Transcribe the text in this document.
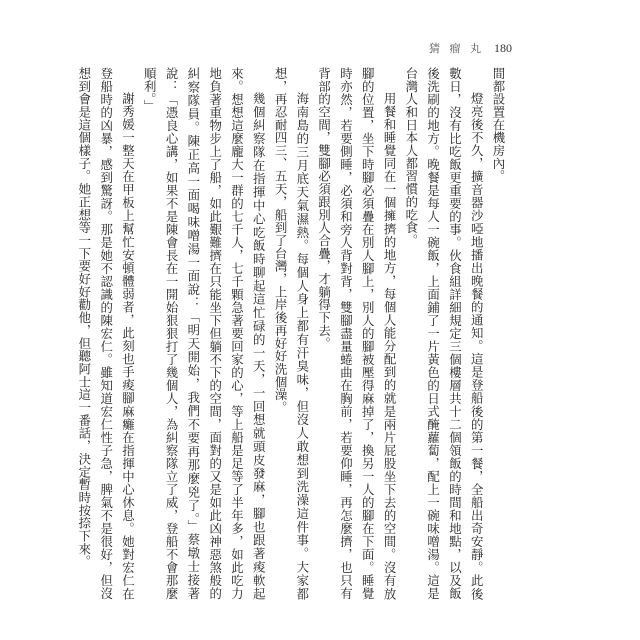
猜 瘤 丸 180

間都設置在機房內。

燈亮後不久，擴音器沙啞地播出晚餐的通知。這是登船後的第一餐，全船出奇安靜。此後數日，沒有比吃飯更重要的事。伙食組詳細規定三個樓層共十二個領飯的時間和地點，以及飯後洗刷的地方。晚餐是每人一碗飯，上面鋪了一片黃色的日式醃蘿蔔，配上一碗味噌湯。這是台灣人和日本人都習慣的吃食。

用餐和睡覺同在一個擁擠的地方，每個人能分配到的就是兩片屁股坐下去的空間。沒有放腳的位置，坐下時腳必須疊在別人腳上，別人的腳被壓得麻掉了，換另一人的腳在下面。睡覺時亦然，若要側睡，必須和旁人背對背，雙腳盡量蜷曲在胸前，若要仰睡，再怎麼擠，也只有背部的空間，雙腳必須跟別人合疊，才躺得下去。

海南島的三月底天氣濕熱。每個人身上都有汗臭味，但沒人敢想到洗澡這件事。大家都想，再忍耐四三、五天，船到了台灣，上岸後再好好洗個澡。

幾個糾察隊在指揮中心吃飯時聊起這忙碌的一天，一回想就頭皮發麻，腳也跟著痠軟起來。想想這麼龐大一群的七千人，七千顆急著要回家的心，等上船是足等了半年多，如此吃力地負著重物步上了船，如此艱難擠在只能坐下但躺不下的空間，面對的又是如此凶神惡煞般的糾察隊員。陳正高一面喝味噌湯一面說：「明天開始，我們不要再那麼兇了。」蔡墩士接著說：「憑良心講，如果不是陳會長在一開始狠狠打了幾個人，為糾察隊立了威，登船不會那麼順利。」

謝秀媛一整天在甲板上幫忙安頓體弱者，此刻也手痠腳麻癱在指揮中心休息。她對宏仁在登船時的凶暴，感到驚訝。那是她不認識的陳宏仁。雖知道宏仁性子急，脾氣不是很好，但沒想到會是這個樣子。她正想等一下要好好勸他，但聽阿士這一番話，決定暫時按捺下來。
